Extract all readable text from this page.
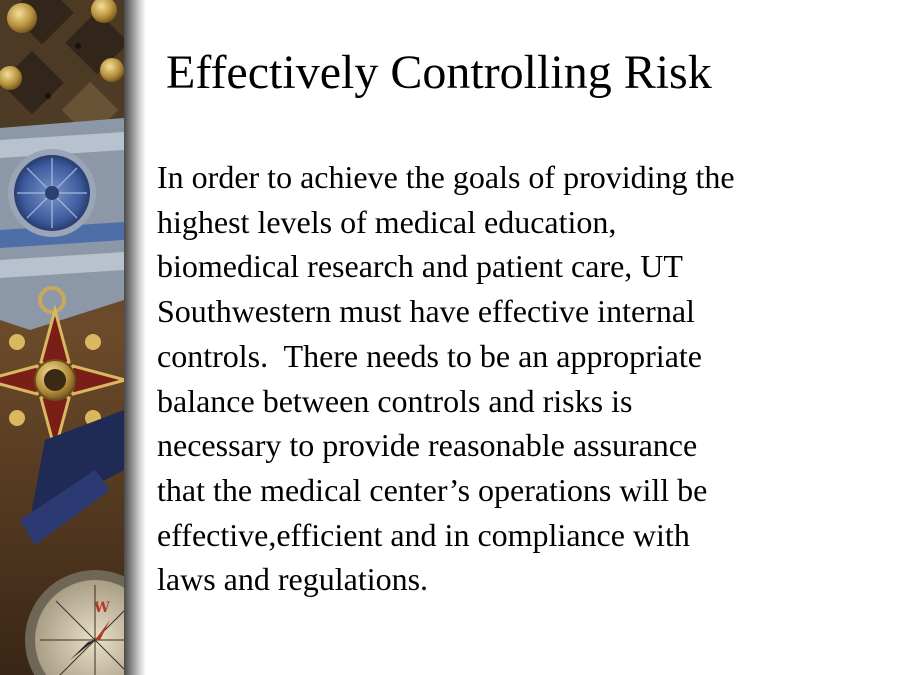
W
Effectively Controlling Risk

In order to achieve the goals of providing the
highest levels of medical education,
biomedical research and patient care, UT
Southwestern must have effective internal
controls.  There needs to be an appropriate
balance between controls and risks is
necessary to provide reasonable assurance
that the medical center’s operations will be
effective,efficient and in compliance with
laws and regulations.
